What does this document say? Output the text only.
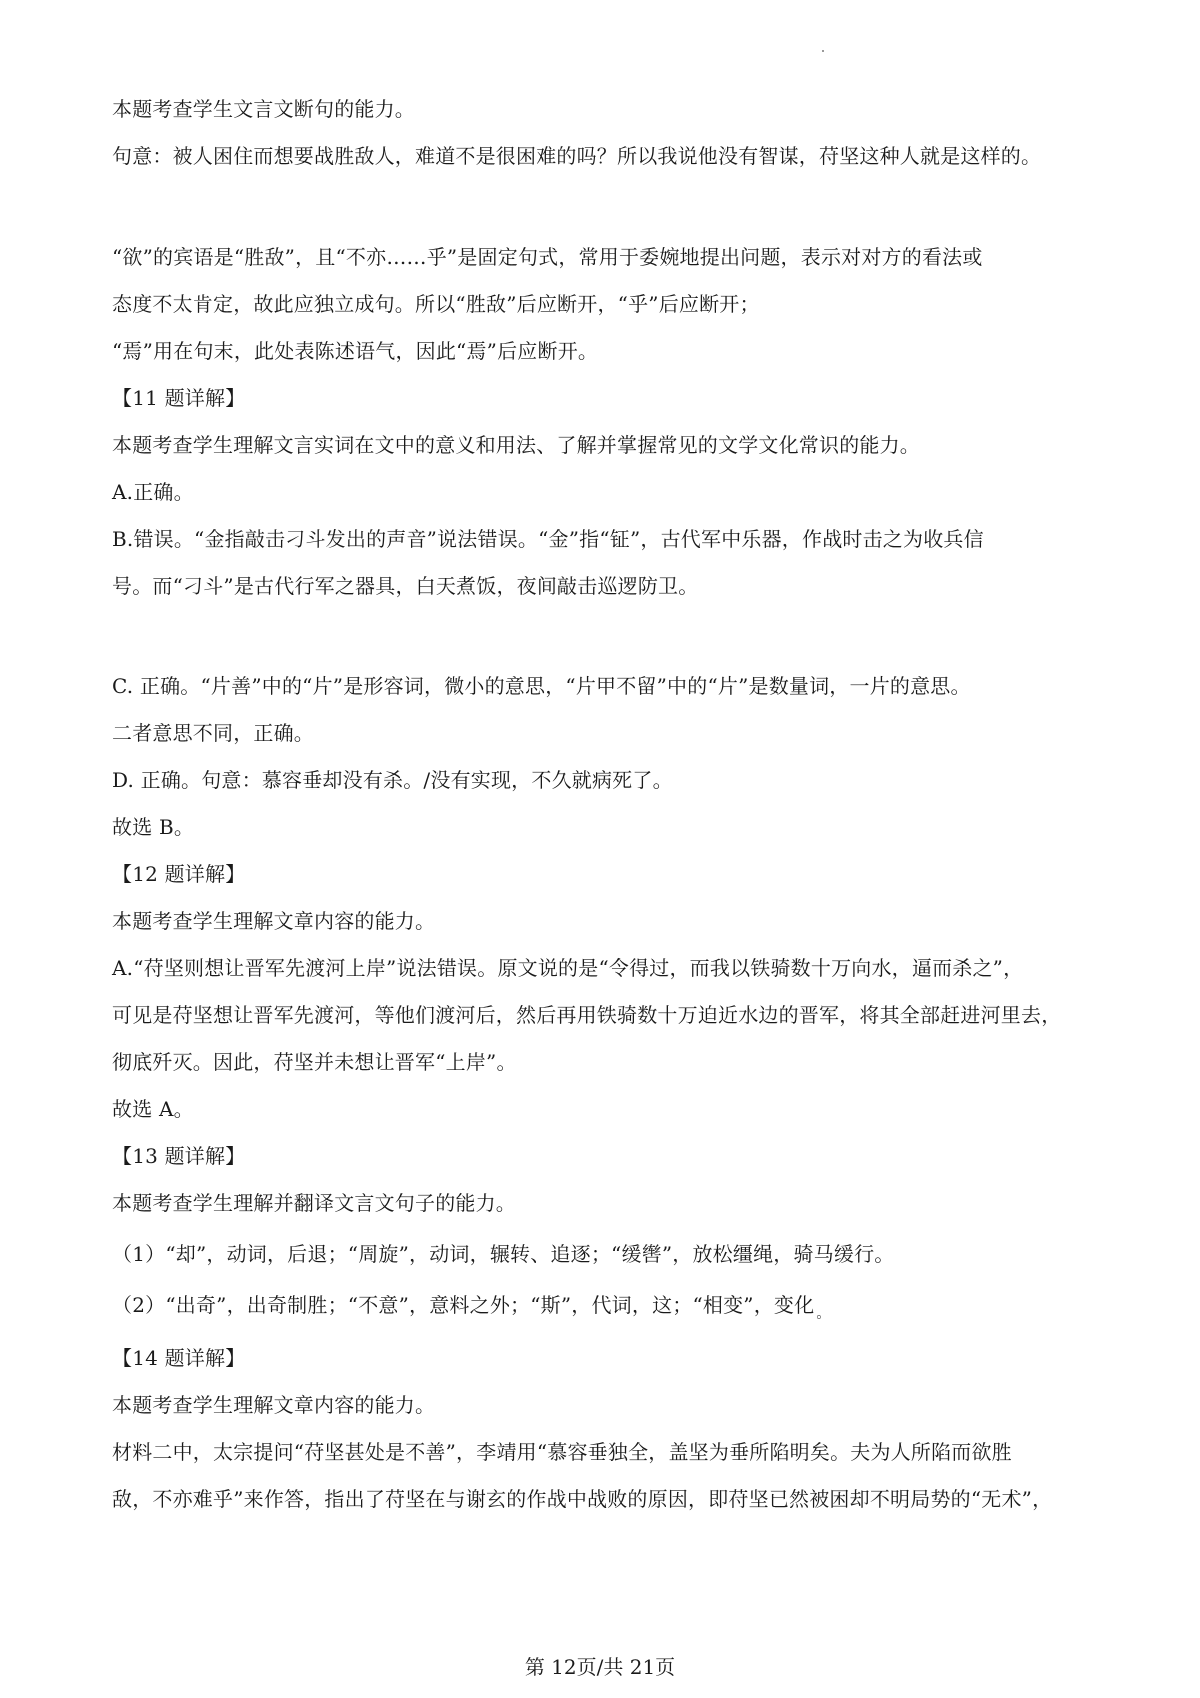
本题考查学生文言文断句的能力。
句意：被人困住而想要战胜敌人，难道不是很困难的吗？所以我说他没有智谋，苻坚这种人就是这样的。
“欲”的宾语是“胜敌”，且“不亦……乎”是固定句式，常用于委婉地提出问题，表示对对方的看法或
态度不太肯定，故此应独立成句。所以“胜敌”后应断开，“乎”后应断开；
“焉”用在句末，此处表陈述语气，因此“焉”后应断开。
【11 题详解】
本题考查学生理解文言实词在文中的意义和用法、了解并掌握常见的文学文化常识的能力。
A.正确。
B.错误。“金指敲击刁斗发出的声音”说法错误。“金”指“钲”，古代军中乐器，作战时击之为收兵信
号。而“刁斗”是古代行军之器具，白天煮饭，夜间敲击巡逻防卫。
C. 正确。“片善”中的“片”是形容词，微小的意思，“片甲不留”中的“片”是数量词，一片的意思。
二者意思不同，正确。
D. 正确。句意：慕容垂却没有杀。/没有实现，不久就病死了。
故选 B。
【12 题详解】
本题考查学生理解文章内容的能力。
A.“苻坚则想让晋军先渡河上岸”说法错误。原文说的是“令得过，而我以铁骑数十万向水，逼而杀之”，
可见是苻坚想让晋军先渡河，等他们渡河后，然后再用铁骑数十万迫近水边的晋军，将其全部赶进河里去，
彻底歼灭。因此，苻坚并未想让晋军“上岸”。
故选 A。
【13 题详解】
本题考查学生理解并翻译文言文句子的能力。
（1）“却”，动词，后退；“周旋”，动词，辗转、追逐；“缓辔”，放松缰绳，骑马缓行。
（2）“出奇”，出奇制胜；“不意”，意料之外；“斯”，代词，这；“相变”，变化 $_。$
【14 题详解】
本题考查学生理解文章内容的能力。
材料二中，太宗提问“苻坚甚处是不善”，李靖用“慕容垂独全，盖坚为垂所陷明矣。夫为人所陷而欲胜
敌，不亦难乎”来作答，指出了苻坚在与谢玄的作战中战败的原因，即苻坚已然被困却不明局势的“无术”，
第 12页/共 21页
